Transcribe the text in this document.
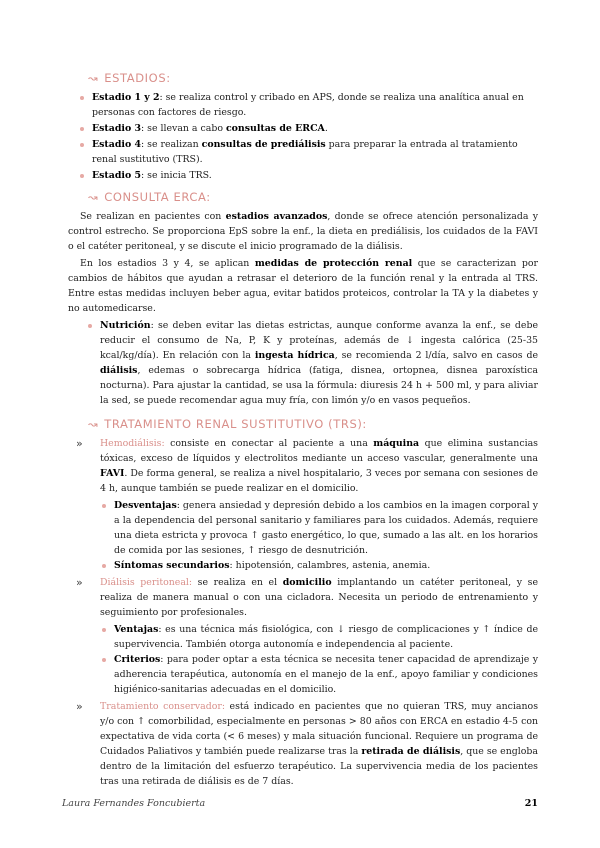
↝ ESTADIOS:
Estadio 1 y 2: se realiza control y cribado en APS, donde se realiza una analítica anual en personas con factores de riesgo.
Estadio 3: se llevan a cabo consultas de ERCA.
Estadio 4: se realizan consultas de prediálisis para preparar la entrada al tratamiento renal sustitutivo (TRS).
Estadio 5: se inicia TRS.
↝ CONSULTA ERCA:

Se realizan en pacientes con estadios avanzados, donde se ofrece atención personalizada y control estrecho. Se proporciona EpS sobre la enf., la dieta en prediálisis, los cuidados de la FAVI o el catéter peritoneal, y se discute el inicio programado de la diálisis.

En los estadios 3 y 4, se aplican medidas de protección renal que se caracterizan por cambios de hábitos que ayudan a retrasar el deterioro de la función renal y la entrada al TRS. Entre estas medidas incluyen beber agua, evitar batidos proteicos, controlar la TA y la diabetes y no automedicarse.

Nutrición: se deben evitar las dietas estrictas, aunque conforme avanza la enf., se debe reducir el consumo de Na, P, K y proteínas, además de ↓ ingesta calórica (25-35 kcal/kg/día). En relación con la ingesta hídrica, se recomienda 2 l/día, salvo en casos de diálisis, edemas o sobrecarga hídrica (fatiga, disnea, ortopnea, disnea paroxística nocturna). Para ajustar la cantidad, se usa la fórmula: diuresis 24 h + 500 ml, y para aliviar la sed, se puede recomendar agua muy fría, con limón y/o en vasos pequeños.
↝ TRATAMIENTO RENAL SUSTITUTIVO (TRS):
» Hemodiálisis: consiste en conectar al paciente a una máquina que elimina sustancias tóxicas, exceso de líquidos y electrolitos mediante un acceso vascular, generalmente una FAVI. De forma general, se realiza a nivel hospitalario, 3 veces por semana con sesiones de 4 h, aunque también se puede realizar en el domicilio.
Desventajas: genera ansiedad y depresión debido a los cambios en la imagen corporal y a la dependencia del personal sanitario y familiares para los cuidados. Además, requiere una dieta estricta y provoca ↑ gasto energético, lo que, sumado a las alt. en los horarios de comida por las sesiones, ↑ riesgo de desnutrición.
Síntomas secundarios: hipotensión, calambres, astenia, anemia.
» Diálisis peritoneal: se realiza en el domicilio implantando un catéter peritoneal, y se realiza de manera manual o con una cicladora. Necesita un periodo de entrenamiento y seguimiento por profesionales.
Ventajas: es una técnica más fisiológica, con ↓ riesgo de complicaciones y ↑ índice de supervivencia. También otorga autonomía e independencia al paciente.
Criterios: para poder optar a esta técnica se necesita tener capacidad de aprendizaje y adherencia terapéutica, autonomía en el manejo de la enf., apoyo familiar y condiciones higiénico-sanitarias adecuadas en el domicilio.
» Tratamiento conservador: está indicado en pacientes que no quieran TRS, muy ancianos y/o con ↑ comorbilidad, especialmente en personas > 80 años con ERCA en estadio 4-5 con expectativa de vida corta (< 6 meses) y mala situación funcional. Requiere un programa de Cuidados Paliativos y también puede realizarse tras la retirada de diálisis, que se engloba dentro de la limitación del esfuerzo terapéutico. La supervivencia media de los pacientes tras una retirada de diálisis es de 7 días.
Laura Fernandes Foncubierta	21
